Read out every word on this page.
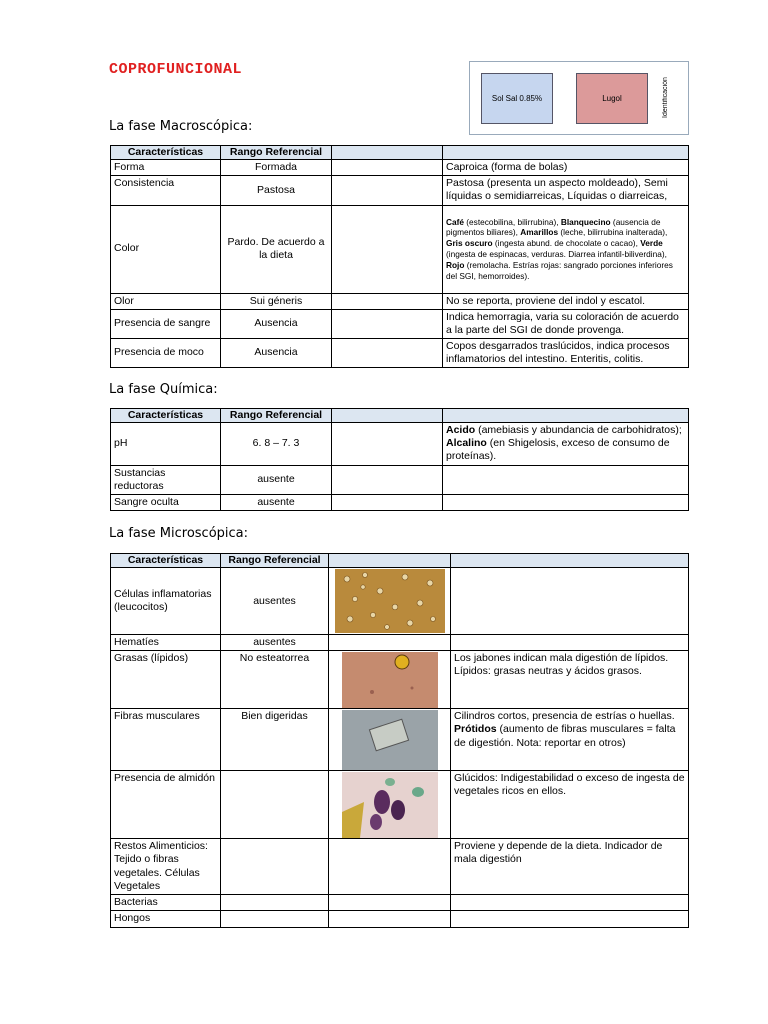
COPROFUNCIONAL
Sol Sal 0.85%	Lugol	Identificación
La fase Macroscópica:
Características	Rango Referencial		
Forma	Formada		Caproica (forma de bolas)
Consistencia	Pastosa		Pastosa (presenta un aspecto moldeado), Semi líquidas o semidiarreicas, Líquidas o diarreicas,
Color	Pardo. De acuerdo a la dieta		Café (estecobilina, bilirrubina), Blanquecino (ausencia de pigmentos biliares), Amarillos (leche, bilirrubina inalterada), Gris oscuro (ingesta abund. de chocolate o cacao), Verde (ingesta de espinacas, verduras. Diarrea infantil-biliverdina), Rojo (remolacha. Estrías rojas: sangrado porciones inferiores del SGI, hemorroides).
Olor	Sui géneris		No se reporta, proviene del indol y escatol.
Presencia de sangre	Ausencia		Indica hemorragia, varia su coloración de acuerdo a la parte del SGI de donde provenga.
Presencia de moco	Ausencia		Copos desgarrados traslúcidos, indica procesos inflamatorios del intestino. Enteritis, colitis.
La fase Química:
Características	Rango Referencial		
pH	6. 8 – 7. 3		Acido (amebiasis y abundancia de carbohidratos); Alcalino (en Shigelosis, exceso de consumo de proteínas).
Sustancias reductoras	ausente		
Sangre oculta	ausente		
La fase Microscópica:
Características	Rango Referencial		
Células inflamatorias (leucocitos)	ausentes	

Hematíes	ausentes		
Grasas (lípidos)	No esteatorrea		Los jabones indican mala digestión de lípidos. Lípidos: grasas neutras y ácidos grasos.
Fibras musculares	Bien digeridas		Cilindros cortos, presencia de estrías o huellas. Prótidos (aumento de fibras musculares = falta de digestión. Nota: reportar en otros)
Presencia de almidón			Glúcidos: Indigestabilidad o exceso de ingesta de vegetales ricos en ellos.
Restos Alimenticios: Tejido o fibras vegetales. Células Vegetales			Proviene y depende de la dieta. Indicador de mala digestión
Bacterias			
Hongos			
